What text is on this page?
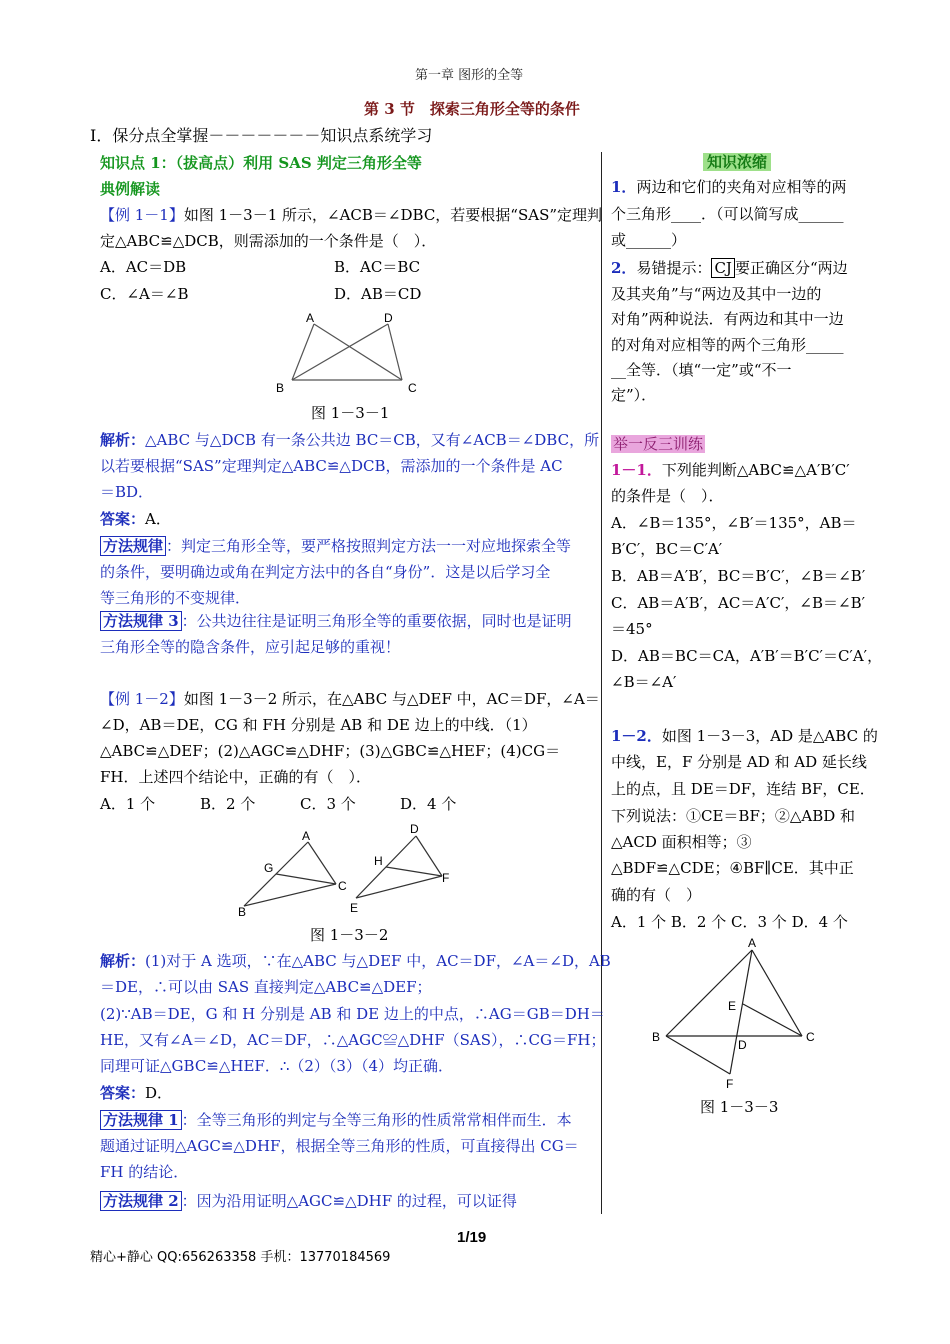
第一章 图形的全等
第 3 节　探索三角形全等的条件
I．保分点全掌握－－－－－－－知识点系统学习
知识点 1：（拔高点）利用 SAS 判定三角形全等
典例解读
【例 1－1】如图 1－3－1 所示，∠ACB＝∠DBC，若要根据“SAS”定理判
定△ABC≌△DCB，则需添加的一个条件是（　）．
A．AC＝DB	B．AC＝BC
C．∠A＝∠B	D．AB＝CD
A	D
B	C
图 1－3－1
解析：△ABC 与△DCB 有一条公共边 BC＝CB，又有∠ACB＝∠DBC，所
以若要根据“SAS”定理判定△ABC≌△DCB，需添加的一个条件是 AC
＝BD．
答案：A．
方法规律 ：判定三角形全等，要严格按照判定方法一一对应地探索全等
的条件，要明确边或角在判定方法中的各自“身份”．这是以后学习全
等三角形的不变规律．
方法规律 3 ：公共边往往是证明三角形全等的重要依据，同时也是证明
三角形全等的隐含条件，应引起足够的重视！
【例 1－2】如图 1－3－2 所示，在△ABC 与△DEF 中，AC＝DF，∠A＝
∠D，AB＝DE，CG 和 FH 分别是 AB 和 DE 边上的中线．（1）
△ABC≌△DEF；(2)△AGC≌△DHF；(3)△GBC≌△HEF；(4)CG＝
FH．上述四个结论中，正确的有（　）．
A．1 个	B．2 个	C．3 个	D．4 个
A
G
C
B
D
H
F
E
图 1－3－2
解析：(1)对于 A 选项，∵在△ABC 与△DEF 中，AC＝DF，∠A＝∠D，AB
＝DE，∴可以由 SAS 直接判定△ABC≌△DEF；
(2)∵AB＝DE，G 和 H 分别是 AB 和 DE 边上的中点，∴AG＝GB＝DH＝
HE，又有∠A＝∠D，AC＝DF，∴△AGC≌△DHF（SAS），∴CG＝FH；
同理可证△GBC≌△HEF．∴（2）（3）（4）均正确．
答案：D．
方法规律 1 ：全等三角形的判定与全等三角形的性质常常相伴而生．本
题通过证明△AGC≌△DHF，根据全等三角形的性质，可直接得出 CG＝
FH 的结论．
方法规律 2 ：因为沿用证明△AGC≌△DHF 的过程，可以证得
知识浓缩
1．两边和它们的夹角对应相等的两
个三角形____．（可以简写成______
或______）
2．易错提示： CJ 要正确区分“两边
及其夹角”与“两边及其中一边的
对角”两种说法．有两边和其中一边
的对角对应相等的两个三角形_____
__全等．（填“一定”或“不一
定”）．
举一反三训练
1－1．下列能判断△ABC≌△A′B′C′
的条件是（　）．
A．∠B＝135°，∠B′＝135°，AB＝
B′C′，BC＝C′A′
B．AB＝A′B′，BC＝B′C′，∠B＝∠B′
C．AB＝A′B′，AC＝A′C′，∠B＝∠B′
＝45°
D．AB＝BC＝CA，A′B′＝B′C′＝C′A′，
∠B＝∠A′
1－2．如图 1－3－3，AD 是△ABC 的
中线，E，F 分别是 AD 和 AD 延长线
上的点，且 DE＝DF，连结 BF，CE．
下列说法：①CE＝BF；②△ABD 和
△ACD 面积相等；③
△BDF≌△CDE；④BF∥CE．其中正
确的有（　）
A．1 个 B．2 个 C．3 个 D．4 个
A
E
B
D
C
F
图 1－3－3
1/19
精心+静心 QQ:656263358 手机：13770184569
